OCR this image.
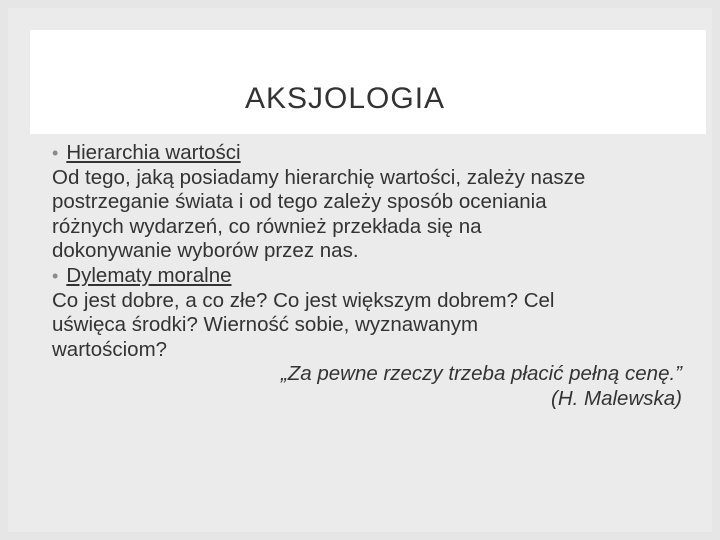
AKSJOLOGIA

• Hierarchia wartości

Od tego, jaką posiadamy hierarchię wartości, zależy nasze

postrzeganie świata i od tego zależy sposób oceniania

różnych wydarzeń, co również przekłada się na

dokonywanie wyborów przez nas.

• Dylematy moralne

Co jest dobre, a co złe? Co jest większym dobrem? Cel

uświęca środki? Wierność sobie, wyznawanym

wartościom?

„Za pewne rzeczy trzeba płacić pełną cenę.”

(H. Malewska)
